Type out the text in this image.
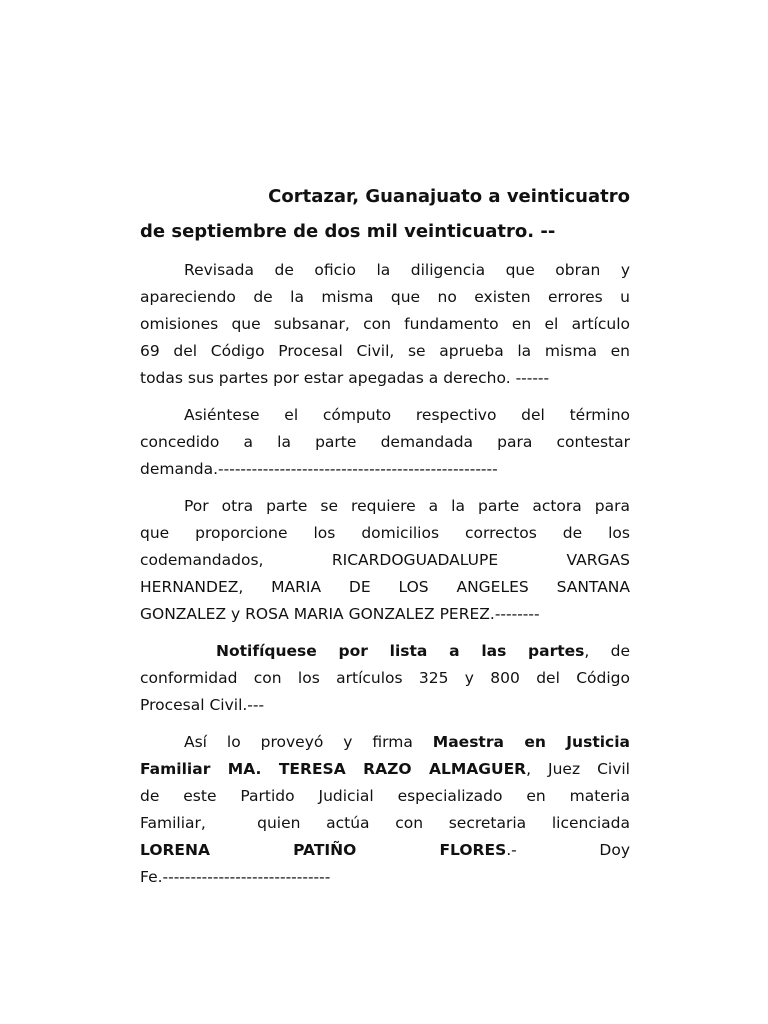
Cortazar, Guanajuato a veinticuatro
de septiembre de dos mil veinticuatro. --
Revisada de oficio la diligencia que obran y
apareciendo de la misma que no existen errores u
omisiones que subsanar, con fundamento en el artículo
69 del Código Procesal Civil, se aprueba la misma en
todas sus partes por estar apegadas a derecho. ------
Asiéntese el cómputo respectivo del término
concedido a la parte demandada para contestar
demanda.--------------------------------------------------
Por otra parte se requiere a la parte actora para
que proporcione los domicilios correctos de los
codemandados, RICARDOGUADALUPE VARGAS
HERNANDEZ, MARIA DE LOS ANGELES SANTANA
GONZALEZ y ROSA MARIA GONZALEZ PEREZ.--------
Notifíquese por lista a las partes, de
conformidad con los artículos 325 y 800 del Código
Procesal Civil.---
Así lo proveyó y firma Maestra en Justicia
Familiar MA. TERESA RAZO ALMAGUER, Juez Civil
de este Partido Judicial especializado en materia
Familiar,  quien actúa con secretaria licenciada
LORENA PATIÑO FLORES.- Doy
Fe.------------------------------
